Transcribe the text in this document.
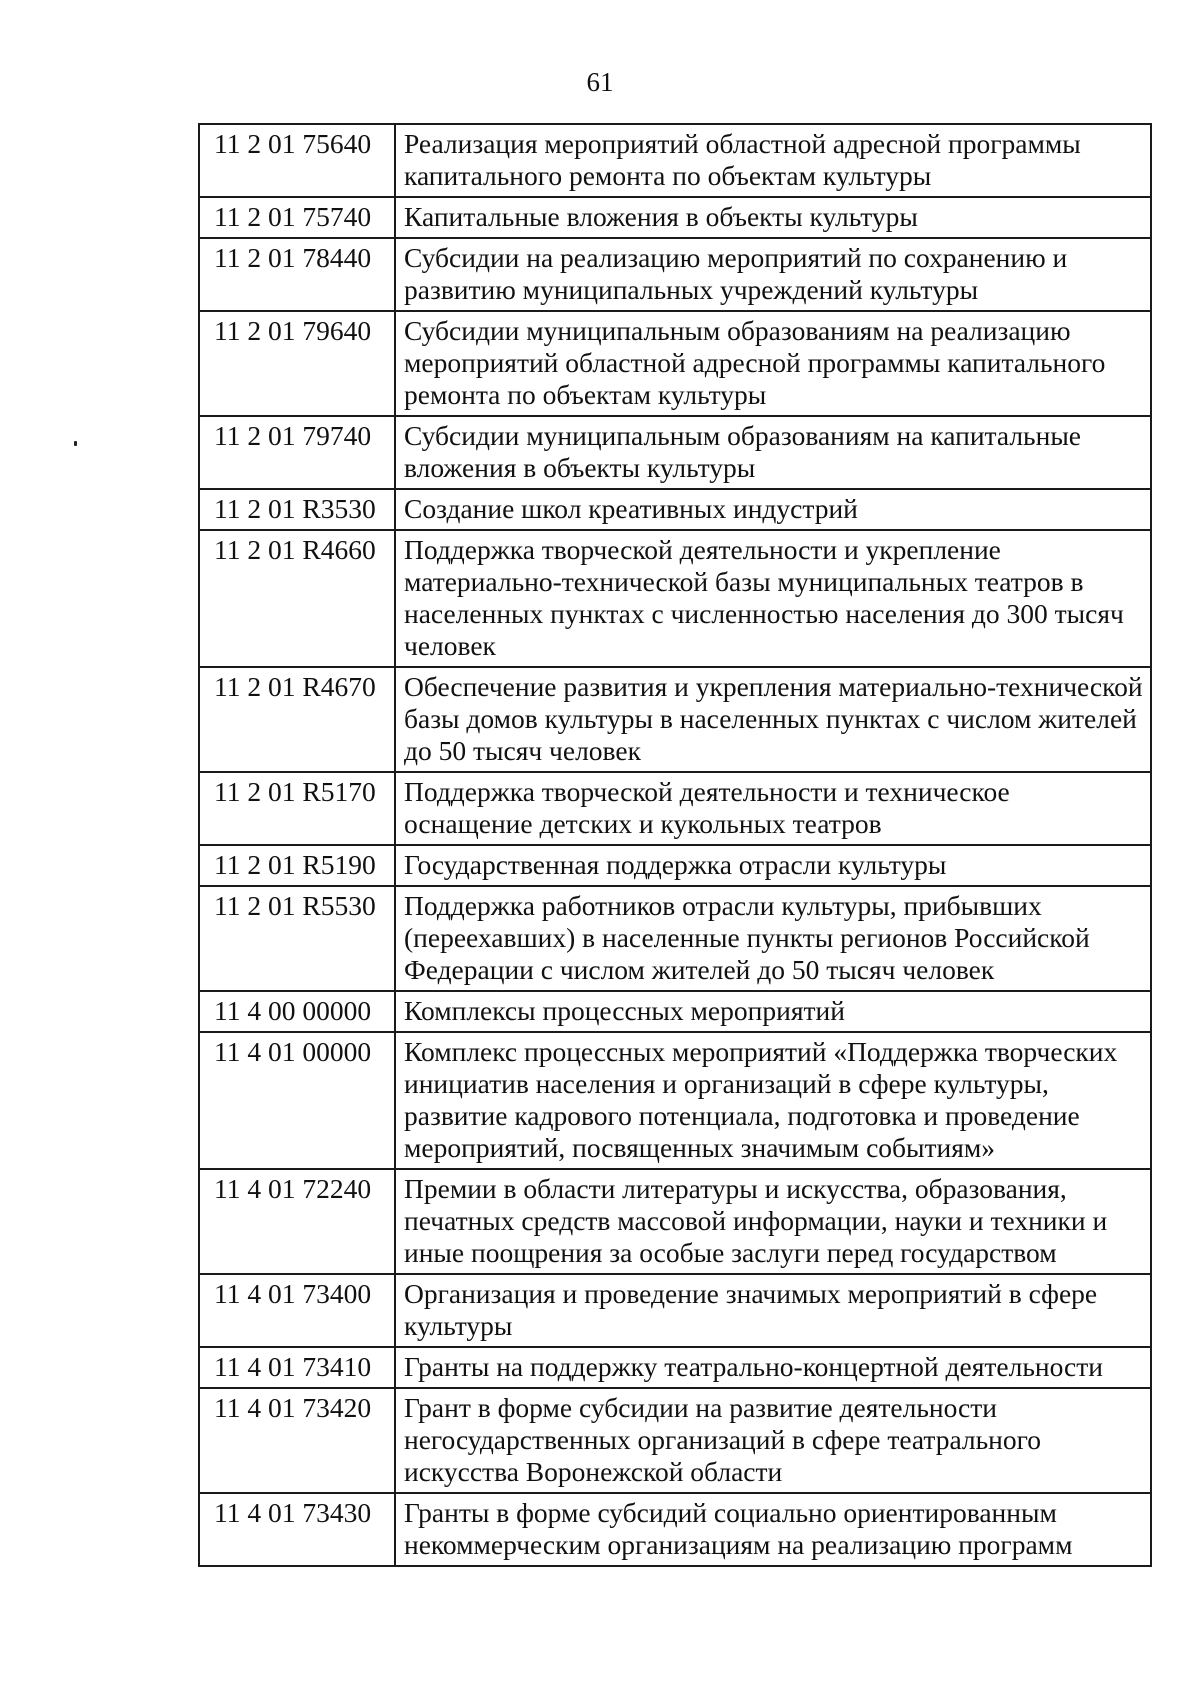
61
11 2 01 75640	Реализация мероприятий областной адресной программы капитального ремонта по объектам культуры
11 2 01 75740	Капитальные вложения в объекты культуры
11 2 01 78440	Субсидии на реализацию мероприятий по сохранению и развитию муниципальных учреждений культуры
11 2 01 79640	Субсидии муниципальным образованиям на реализацию мероприятий областной адресной программы капитального ремонта по объектам культуры
11 2 01 79740	Субсидии муниципальным образованиям на капитальные вложения в объекты культуры
11 2 01 R3530	Создание школ креативных индустрий
11 2 01 R4660	Поддержка творческой деятельности и укрепление материально-технической базы муниципальных театров в населенных пунктах с численностью населения до 300 тысяч человек
11 2 01 R4670	Обеспечение развития и укрепления материально-технической базы домов культуры в населенных пунктах с числом жителей до 50 тысяч человек
11 2 01 R5170	Поддержка творческой деятельности и техническое оснащение детских и кукольных театров
11 2 01 R5190	Государственная поддержка отрасли культуры
11 2 01 R5530	Поддержка работников отрасли культуры, прибывших (переехавших) в населенные пункты регионов Российской Федерации с числом жителей до 50 тысяч человек
11 4 00 00000	Комплексы процессных мероприятий
11 4 01 00000	Комплекс процессных мероприятий «Поддержка творческих инициатив населения и организаций в сфере культуры, развитие кадрового потенциала, подготовка и проведение мероприятий, посвященных значимым событиям»
11 4 01 72240	Премии в области литературы и искусства, образования, печатных средств массовой информации, науки и техники и иные поощрения за особые заслуги перед государством
11 4 01 73400	Организация и проведение значимых мероприятий в сфере культуры
11 4 01 73410	Гранты на поддержку театрально-концертной деятельности
11 4 01 73420	Грант в форме субсидии на развитие деятельности негосударственных организаций в сфере театрального искусства Воронежской области
11 4 01 73430	Гранты в форме субсидий социально ориентированным некоммерческим организациям на реализацию программ
